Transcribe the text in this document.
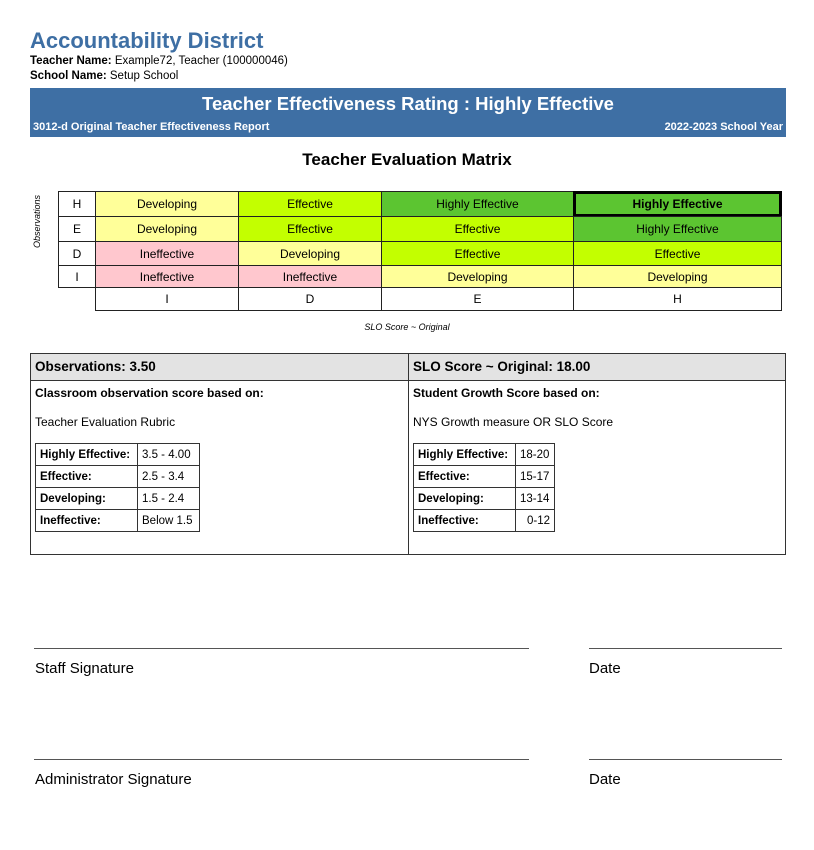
Accountability District
Teacher Name: Example72, Teacher (100000046)
School Name: Setup School
Teacher Effectiveness Rating : Highly Effective
3012-d Original Teacher Effectiveness Report	2022-2023 School Year
Teacher Evaluation Matrix
Observations	H	Developing	Effective	Highly Effective	Highly Effective
E	Developing	Effective	Effective	Highly Effective
D	Ineffective	Developing	Effective	Effective
I	Ineffective	Ineffective	Developing	Developing
I	D	E	H
SLO Score ~ Original
Observations: 3.50
Classroom observation score based on:
Teacher Evaluation Rubric
Highly Effective:	3.5 - 4.00
Effective:	2.5 - 3.4
Developing:	1.5 - 2.4
Ineffective:	Below 1.5
SLO Score ~ Original: 18.00
Student Growth Score based on:
NYS Growth measure OR SLO Score
Highly Effective:	18-20
Effective:	15-17
Developing:	13-14
Ineffective:	0-12
Staff Signature	Date
Administrator Signature	Date
